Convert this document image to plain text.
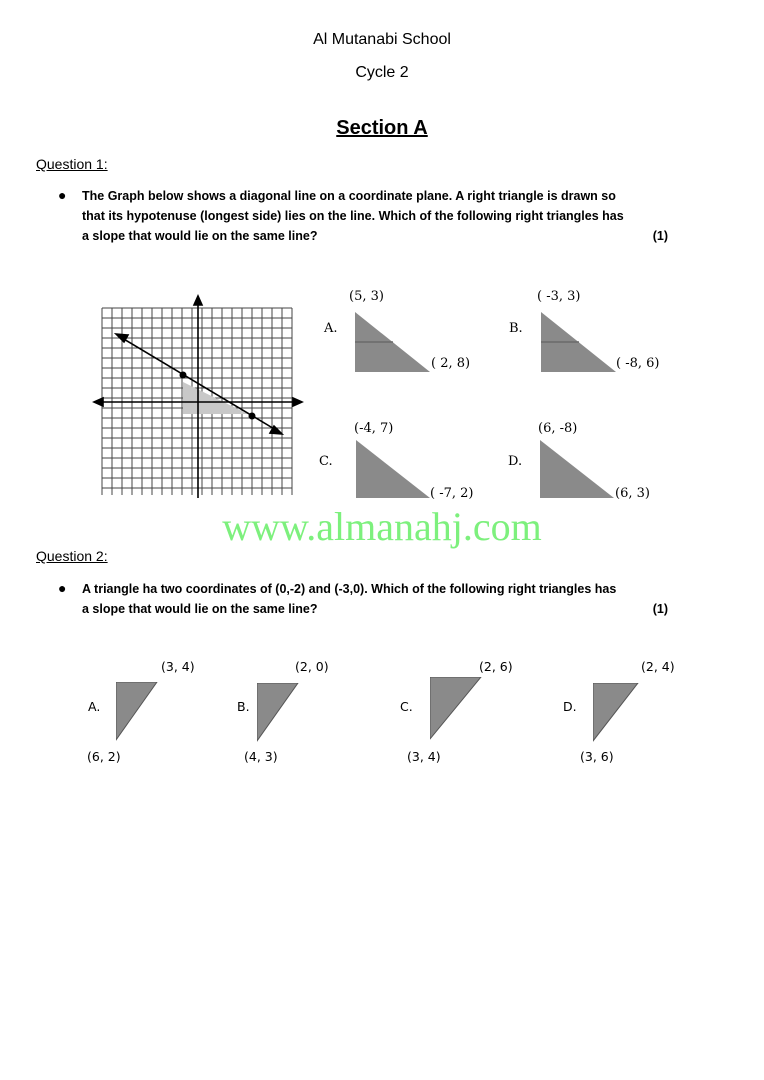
Al Mutanabi School
Cycle 2
Section A
Question 1:
● The Graph below shows a diagonal line on a coordinate plane. A right triangle is drawn so
that its hypotenuse (longest side) lies on the line. Which of the following right triangles has
a slope that would lie on the same line?	(1)
(5, 3)
A.
( 2, 8)
( -3, 3)
B.
( -8, 6)
(-4, 7)
C.
( -7, 2)
(6, -8)
D.
(6, 3)
www.almanahj.com
Question 2:
● A triangle ha two coordinates of (0,-2) and (-3,0). Which of the following right triangles has
a slope that would lie on the same line?	(1)
(3, 4)
A.
(6, 2)
(2, 0)
B.
(4, 3)
(2, 6)
C.
(3, 4)
(2, 4)
D.
(3, 6)
